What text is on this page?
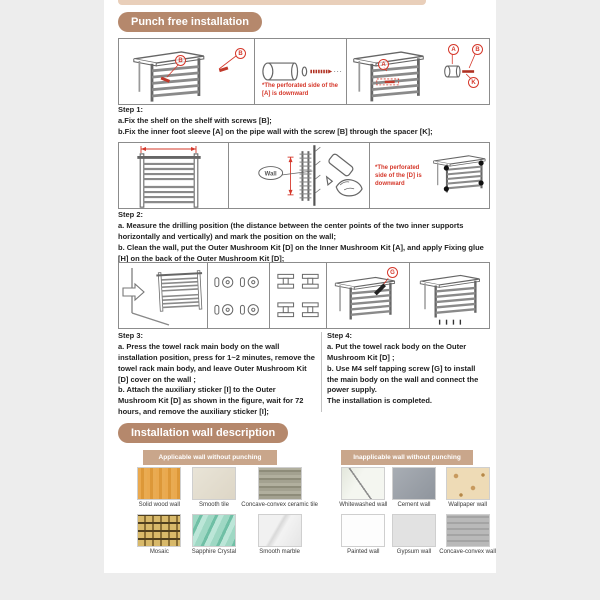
Punch free installation
B
B
*The perforated side of the [A] is downward
A
A	B
K
Step 1:
a.Fix the shelf on the shelf with screws [B];
b.Fix the inner foot sleeve [A] on the pipe wall with the screw [B] through the spacer [K];
Wall
*The perforated side of the [D] is downward
Step 2:
a. Measure the drilling position (the distance between the center points of the two inner supports horizontally and vertically) and mark the position on the wall;
b. Clean the wall, put the Outer Mushroom Kit [D] on the Inner Mushroom Kit [A], and apply Fixing glue [H] on the back of the Outer Mushroom Kit [D];
G
Step 3:
a. Press the towel rack main body on the wall installation position, press for 1~2 minutes, remove the towel rack main body, and leave Outer Mushroom Kit [D] cover on the wall ;
b. Attach the auxiliary sticker [I] to the Outer Mushroom Kit [D] as shown in the figure, wait for 72 hours, and remove the auxiliary sticker [I];
Step 4:
a. Put the towel rack body on the Outer Mushroom Kit [D] ;
b. Use M4 self tapping screw [G] to install the main body on the wall and connect the power supply.
The installation is completed.
Installation wall description
Applicable wall without punching	Inapplicable wall without punching
Solid wood wall	Smooth tile Concave-convex ceramic tile
Mosaic	Sapphire Crystal	Smooth marble
Whitewashed wall Cement wall	Wallpaper wall
Painted wall	Gypsum wall Concave-convex wall
